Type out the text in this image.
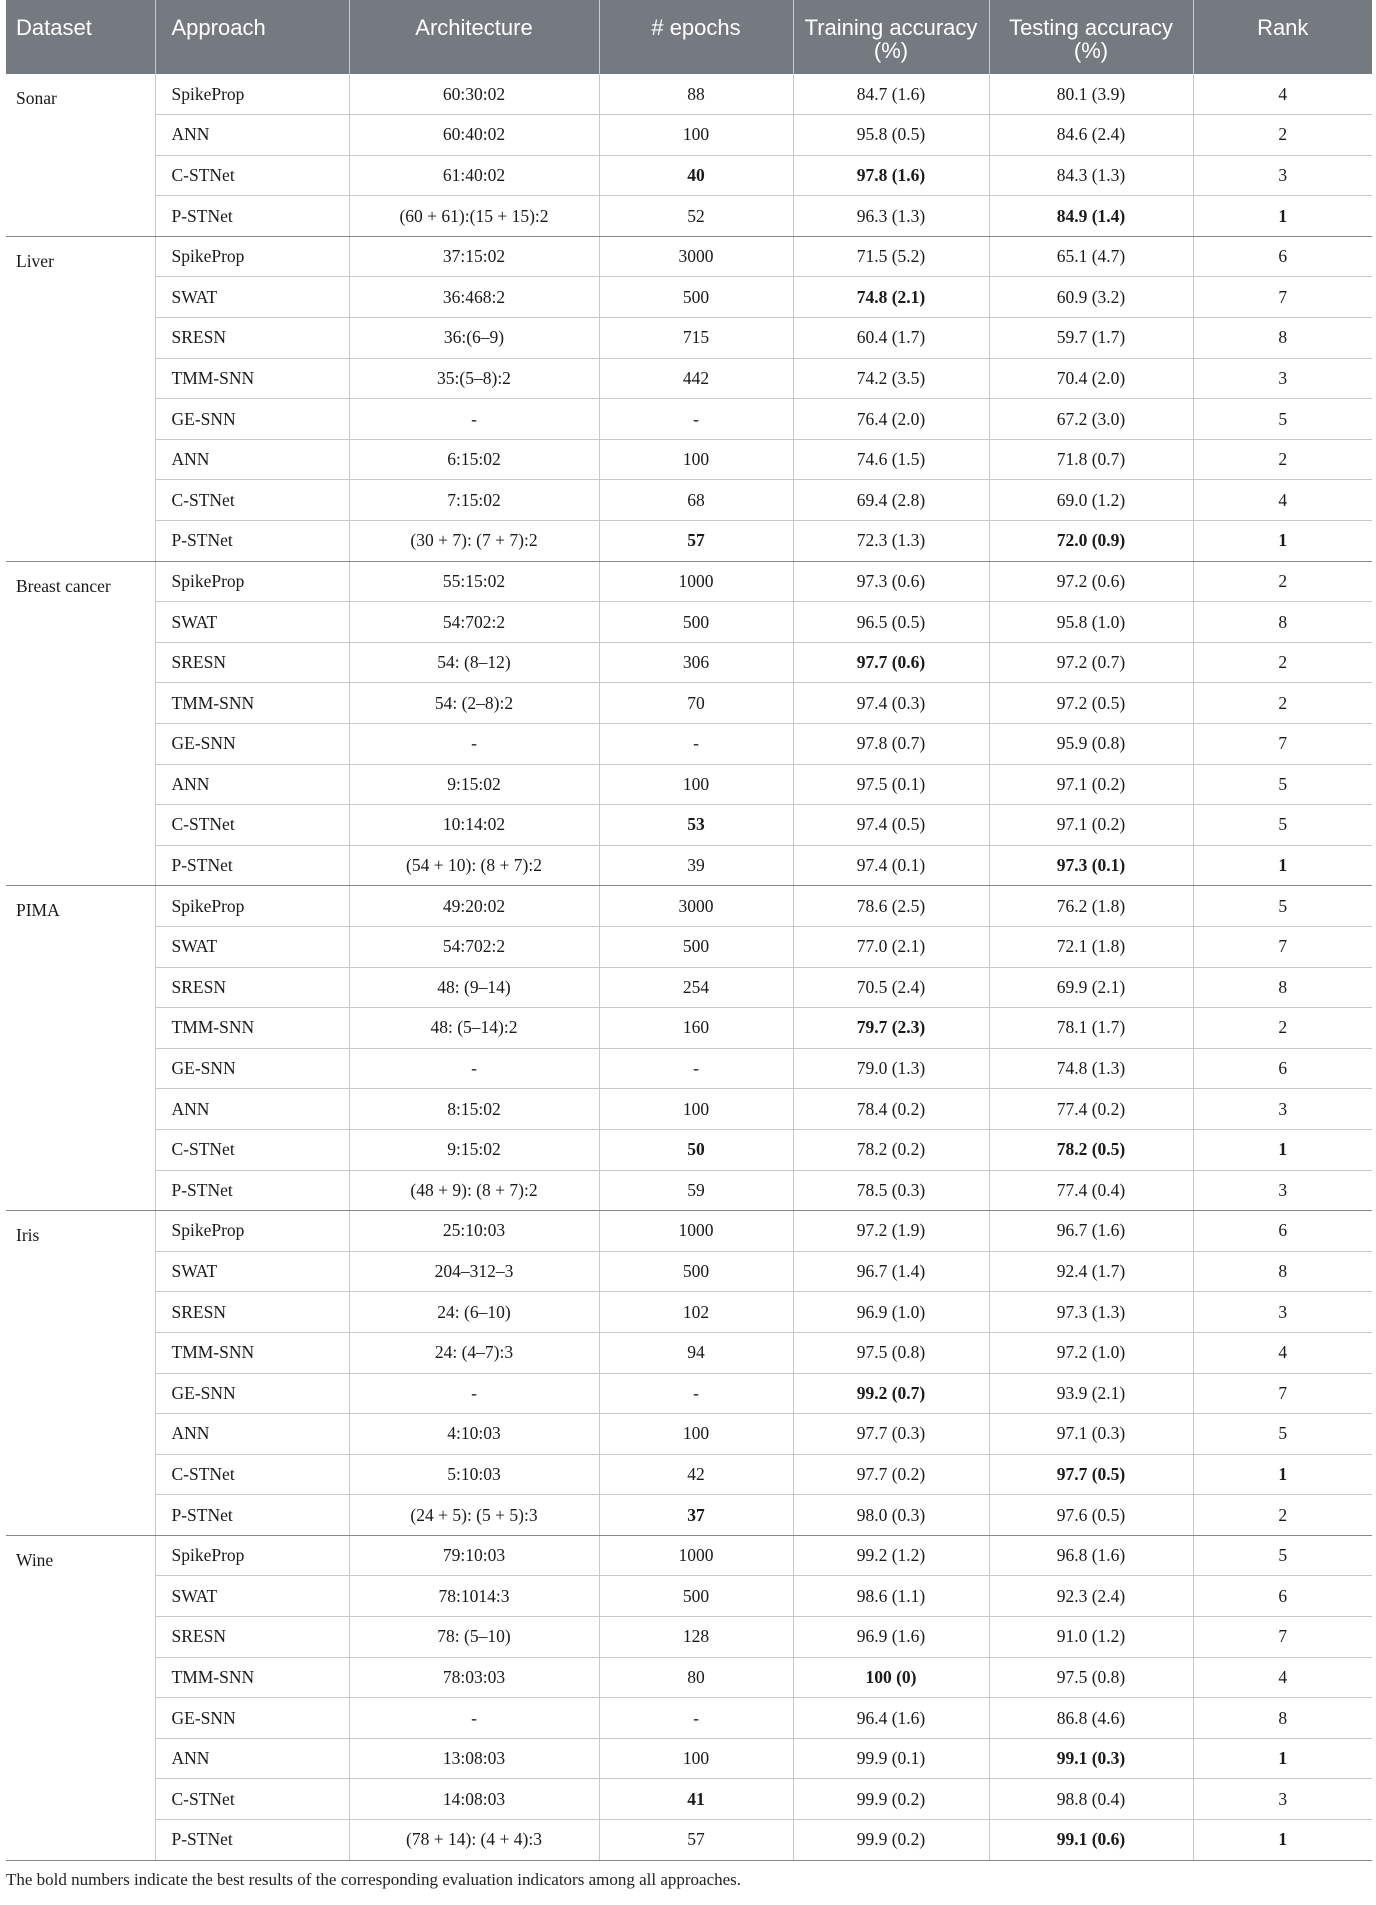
Dataset	Approach	Architecture	# epochs	Training accuracy (%)	Testing accuracy (%)	Rank
Sonar	SpikeProp	60:30:02	88	84.7 (1.6)	80.1 (3.9)	4
	ANN	60:40:02	100	95.8 (0.5)	84.6 (2.4)	2
	C-STNet	61:40:02	40	97.8 (1.6)	84.3 (1.3)	3
	P-STNet	(60 + 61):(15 + 15):2	52	96.3 (1.3)	84.9 (1.4)	1
Liver	SpikeProp	37:15:02	3000	71.5 (5.2)	65.1 (4.7)	6
	SWAT	36:468:2	500	74.8 (2.1)	60.9 (3.2)	7
	SRESN	36:(6–9)	715	60.4 (1.7)	59.7 (1.7)	8
	TMM-SNN	35:(5–8):2	442	74.2 (3.5)	70.4 (2.0)	3
	GE-SNN	-	-	76.4 (2.0)	67.2 (3.0)	5
	ANN	6:15:02	100	74.6 (1.5)	71.8 (0.7)	2
	C-STNet	7:15:02	68	69.4 (2.8)	69.0 (1.2)	4
	P-STNet	(30 + 7): (7 + 7):2	57	72.3 (1.3)	72.0 (0.9)	1
Breast cancer	SpikeProp	55:15:02	1000	97.3 (0.6)	97.2 (0.6)	2
	SWAT	54:702:2	500	96.5 (0.5)	95.8 (1.0)	8
	SRESN	54: (8–12)	306	97.7 (0.6)	97.2 (0.7)	2
	TMM-SNN	54: (2–8):2	70	97.4 (0.3)	97.2 (0.5)	2
	GE-SNN	-	-	97.8 (0.7)	95.9 (0.8)	7
	ANN	9:15:02	100	97.5 (0.1)	97.1 (0.2)	5
	C-STNet	10:14:02	53	97.4 (0.5)	97.1 (0.2)	5
	P-STNet	(54 + 10): (8 + 7):2	39	97.4 (0.1)	97.3 (0.1)	1
PIMA	SpikeProp	49:20:02	3000	78.6 (2.5)	76.2 (1.8)	5
	SWAT	54:702:2	500	77.0 (2.1)	72.1 (1.8)	7
	SRESN	48: (9–14)	254	70.5 (2.4)	69.9 (2.1)	8
	TMM-SNN	48: (5–14):2	160	79.7 (2.3)	78.1 (1.7)	2
	GE-SNN	-	-	79.0 (1.3)	74.8 (1.3)	6
	ANN	8:15:02	100	78.4 (0.2)	77.4 (0.2)	3
	C-STNet	9:15:02	50	78.2 (0.2)	78.2 (0.5)	1
	P-STNet	(48 + 9): (8 + 7):2	59	78.5 (0.3)	77.4 (0.4)	3
Iris	SpikeProp	25:10:03	1000	97.2 (1.9)	96.7 (1.6)	6
	SWAT	204–312–3	500	96.7 (1.4)	92.4 (1.7)	8
	SRESN	24: (6–10)	102	96.9 (1.0)	97.3 (1.3)	3
	TMM-SNN	24: (4–7):3	94	97.5 (0.8)	97.2 (1.0)	4
	GE-SNN	-	-	99.2 (0.7)	93.9 (2.1)	7
	ANN	4:10:03	100	97.7 (0.3)	97.1 (0.3)	5
	C-STNet	5:10:03	42	97.7 (0.2)	97.7 (0.5)	1
	P-STNet	(24 + 5): (5 + 5):3	37	98.0 (0.3)	97.6 (0.5)	2
Wine	SpikeProp	79:10:03	1000	99.2 (1.2)	96.8 (1.6)	5
	SWAT	78:1014:3	500	98.6 (1.1)	92.3 (2.4)	6
	SRESN	78: (5–10)	128	96.9 (1.6)	91.0 (1.2)	7
	TMM-SNN	78:03:03	80	100 (0)	97.5 (0.8)	4
	GE-SNN	-	-	96.4 (1.6)	86.8 (4.6)	8
	ANN	13:08:03	100	99.9 (0.1)	99.1 (0.3)	1
	C-STNet	14:08:03	41	99.9 (0.2)	98.8 (0.4)	3
	P-STNet	(78 + 14): (4 + 4):3	57	99.9 (0.2)	99.1 (0.6)	1

The bold numbers indicate the best results of the corresponding evaluation indicators among all approaches.
